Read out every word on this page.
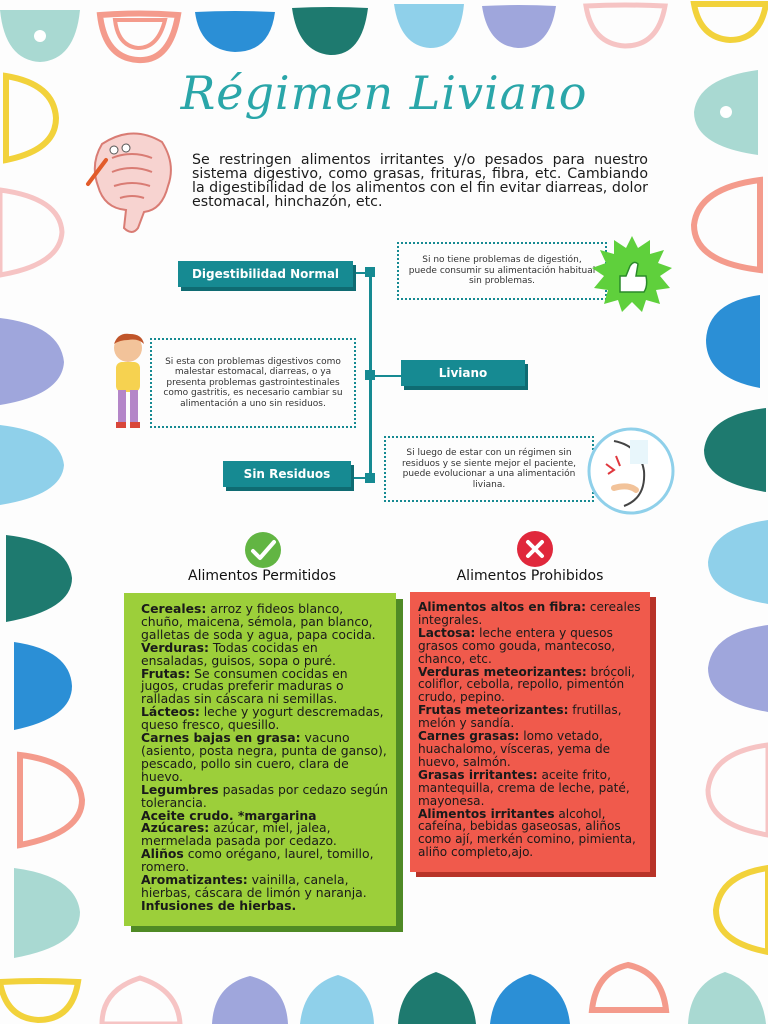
Régimen Liviano
Se restringen alimentos irritantes y/o pesados para nuestro sistema digestivo, como grasas, frituras, fibra, etc. Cambiando la digestibilidad de los alimentos con el fin evitar diarreas, dolor estomacal, hinchazón, etc.
Digestibilidad Normal
Liviano
Sin Residuos
Si no tiene problemas de digestión, puede consumir su alimentación habitual sin problemas.
Si esta con problemas digestivos como malestar estomacal, diarreas, o ya presenta problemas gastrointestinales como gastritis, es necesario cambiar su alimentación a uno sin residuos.
Si luego de estar con un régimen sin residuos y se siente mejor el paciente, puede evolucionar a una alimentación liviana.
Alimentos Permitidos	Alimentos Prohibidos

Cereales: arroz y fideos blanco, chuño, maicena, sémola, pan blanco, galletas de soda y agua, papa cocida.

Verduras: Todas cocidas en ensaladas, guisos, sopa o puré.

Frutas: Se consumen cocidas en jugos, crudas preferir maduras o ralladas sin cáscara ni semillas.

Lácteos: leche y yogurt descremadas, queso fresco, quesillo.

Carnes bajas en grasa: vacuno (asiento, posta negra, punta de ganso), pescado, pollo sin cuero, clara de huevo.

Legumbres pasadas por cedazo según tolerancia.

Aceite crudo. *margarina

Azúcares: azúcar, miel, jalea, mermelada pasada por cedazo.

Aliños como orégano, laurel, tomillo, romero.

Aromatizantes: vainilla, canela, hierbas, cáscara de limón y naranja.

Infusiones de hierbas.

Alimentos altos en fibra: cereales integrales.

Lactosa: leche entera y quesos grasos como gouda, mantecoso, chanco, etc.

Verduras meteorizantes: brócoli, coliflor, cebolla, repollo, pimentón crudo, pepino.

Frutas meteorizantes: frutillas, melón y sandía.

Carnes grasas: lomo vetado, huachalomo, vísceras, yema de huevo, salmón.

Grasas irritantes: aceite frito, mantequilla, crema de leche, paté, mayonesa.

Alimentos irritantes alcohol, cafeína, bebidas gaseosas, aliños como ají, merkén comino, pimienta, aliño completo,ajo.
